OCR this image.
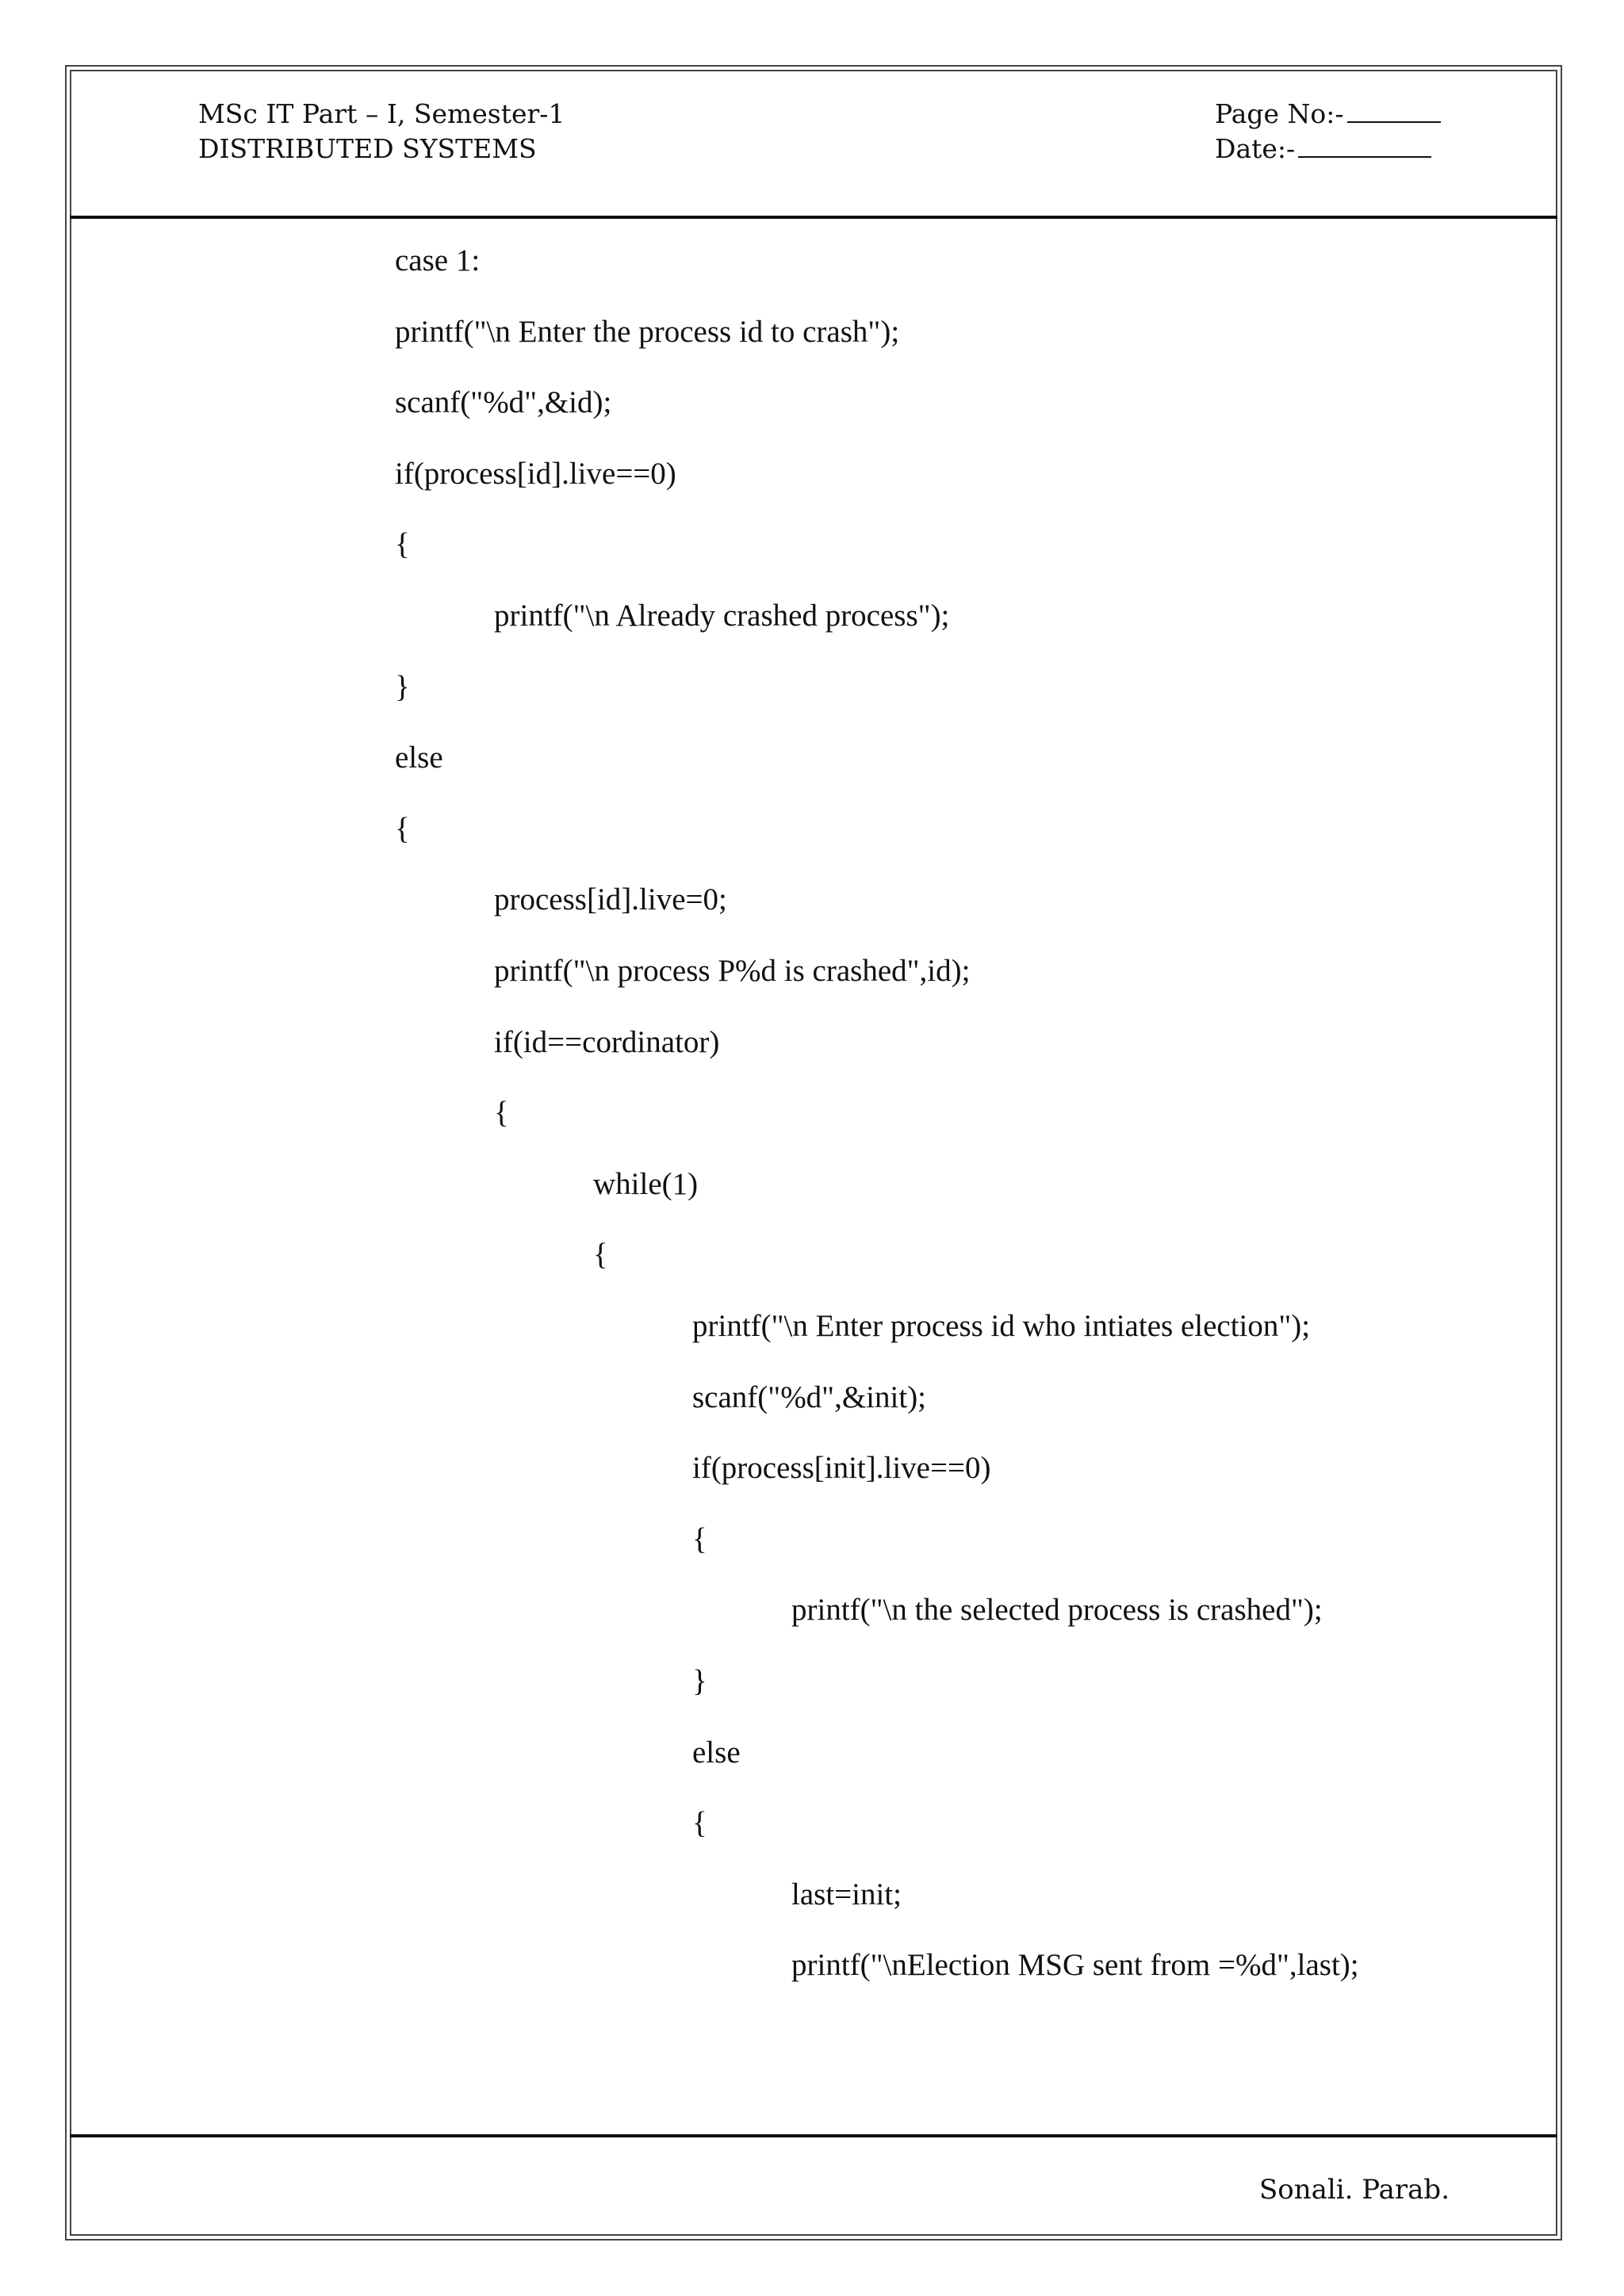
MSc IT Part – I, Semester-1
DISTRIBUTED SYSTEMS
Page No:-
Date:-
case 1:
printf("\n Enter the process id to crash");
scanf("%d",&id);
if(process[id].live==0)
{
printf("\n Already crashed process");
}
else
{
process[id].live=0;
printf("\n process P%d is crashed",id);
if(id==cordinator)
{
while(1)
{
printf("\n Enter process id who intiates election");
scanf("%d",&init);
if(process[init].live==0)
{
printf("\n the selected process is crashed");
}
else
{
last=init;
printf("\nElection MSG sent from =%d",last);
Sonali. Parab.
